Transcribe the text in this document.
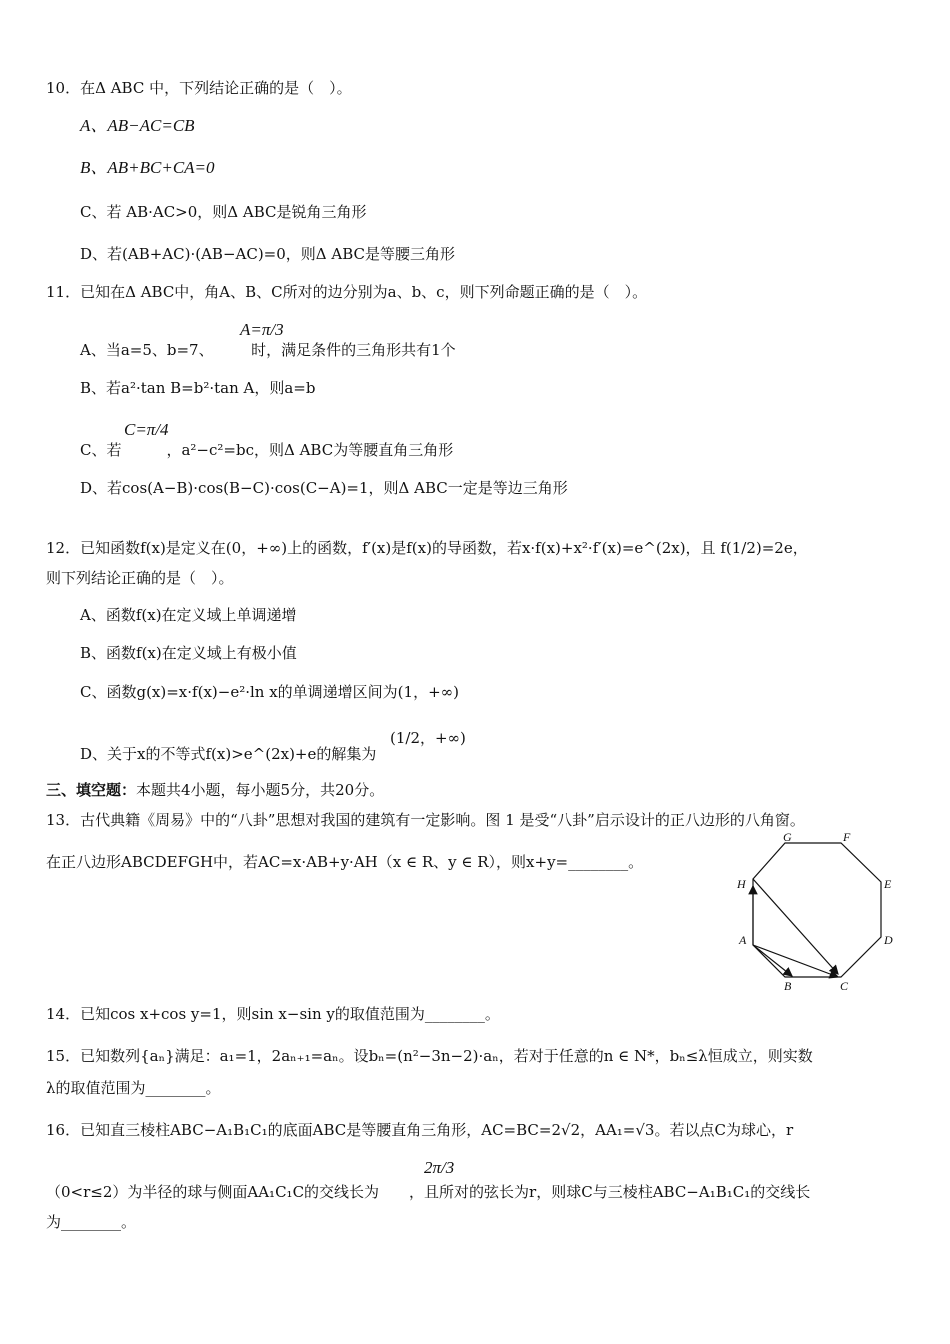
10．在Δ ABC 中，下列结论正确的是（　）。
A、AB−AC=CB
B、AB+BC+CA=0
C、若 AB·AC>0，则Δ ABC是锐角三角形
D、若(AB+AC)·(AB−AC)=0，则Δ ABC是等腰三角形
11．已知在Δ ABC中，角A、B、C所对的边分别为a、b、c，则下列命题正确的是（　）。
A=π/3
A、当a=5、b=7、　　　时，满足条件的三角形共有1个
B、若a²·tan B=b²·tan A，则a=b
C=π/4
C、若　　　，a²−c²=bc，则Δ ABC为等腰直角三角形
D、若cos(A−B)·cos(B−C)·cos(C−A)=1，则Δ ABC一定是等边三角形
12．已知函数f(x)是定义在(0，+∞)上的函数，f′(x)是f(x)的导函数，若x·f(x)+x²·f′(x)=e^(2x)，且 f(1/2)=2e，
则下列结论正确的是（　）。
A、函数f(x)在定义域上单调递增
B、函数f(x)在定义域上有极小值
C、函数g(x)=x·f(x)−e²·ln x的单调递增区间为(1，+∞)
(1/2，+∞)
D、关于x的不等式f(x)>e^(2x)+e的解集为
三、填空题：本题共4小题，每小题5分，共20分。
13．古代典籍《周易》中的“八卦”思想对我国的建筑有一定影响。图 1 是受“八卦”启示设计的正八边形的八角窗。
在正八边形ABCDEFGH中，若AC=x·AB+y·AH（x ∈ R、y ∈ R），则x+y=________。
A
B	C
D
E
F
G
H
14．已知cos x+cos y=1，则sin x−sin y的取值范围为________。
15．已知数列{aₙ}满足：a₁=1，2aₙ₊₁=aₙ。设bₙ=(n²−3n−2)·aₙ，若对于任意的n ∈ N*，bₙ≤λ恒成立，则实数
λ的取值范围为________。
16．已知直三棱柱ABC−A₁B₁C₁的底面ABC是等腰直角三角形，AC=BC=2√2，AA₁=√3。若以点C为球心，r
2π/3
（0<r≤2）为半径的球与侧面AA₁C₁C的交线长为　　，且所对的弦长为r，则球C与三棱柱ABC−A₁B₁C₁的交线长
为________。
